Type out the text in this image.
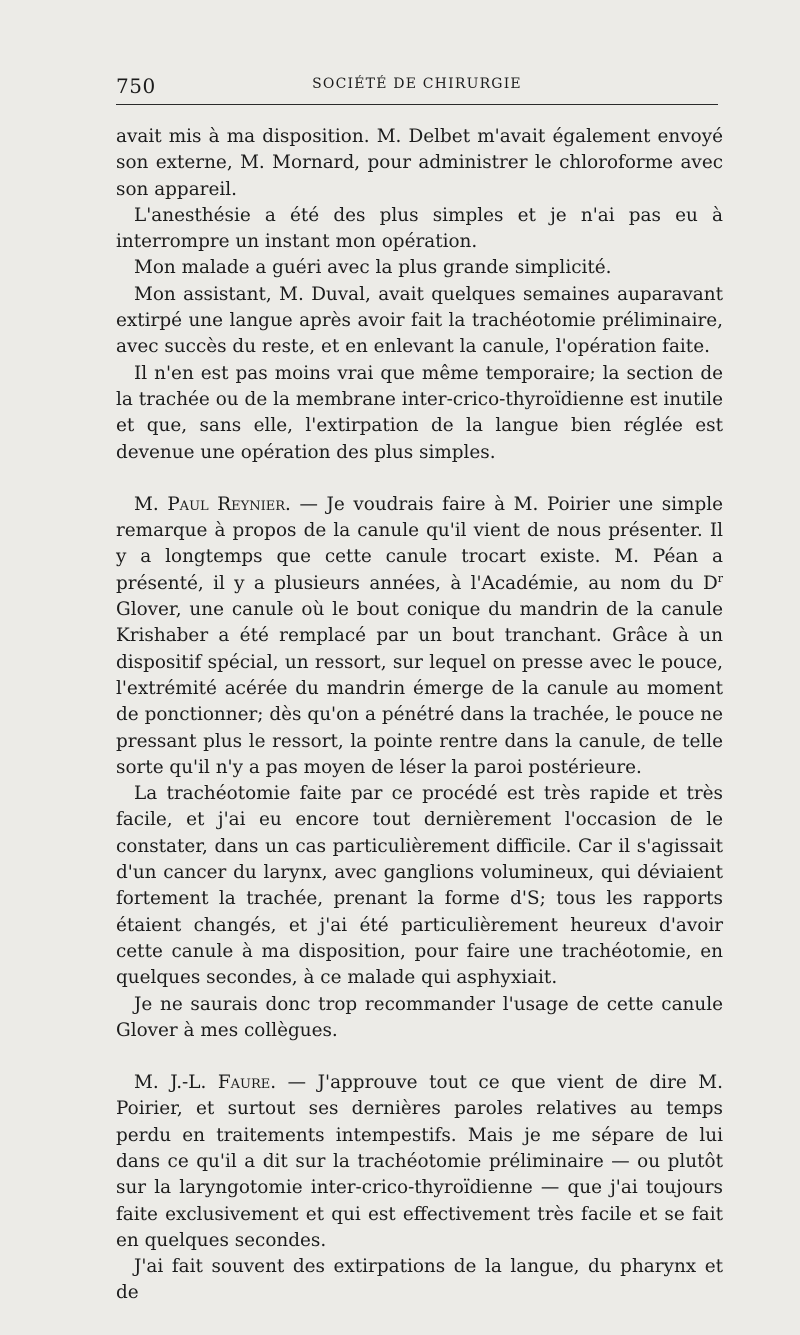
750	SOCIÉTÉ DE CHIRURGIE

avait mis à ma disposition. M. Delbet m'avait également envoyé son externe, M. Mornard, pour administrer le chloroforme avec son appareil.

L'anesthésie a été des plus simples et je n'ai pas eu à interrompre un instant mon opération.

Mon malade a guéri avec la plus grande simplicité.

Mon assistant, M. Duval, avait quelques semaines auparavant extirpé une langue après avoir fait la trachéotomie préliminaire, avec succès du reste, et en enlevant la canule, l'opération faite.

Il n'en est pas moins vrai que même temporaire; la section de la trachée ou de la membrane inter-crico-thyroïdienne est inutile et que, sans elle, l'extirpation de la langue bien réglée est devenue une opération des plus simples.

M. Paul Reynier. — Je voudrais faire à M. Poirier une simple remarque à propos de la canule qu'il vient de nous présenter. Il y a longtemps que cette canule trocart existe. M. Péan a présenté, il y a plusieurs années, à l'Académie, au nom du $D^r$ Glover, une canule où le bout conique du mandrin de la canule Krishaber a été remplacé par un bout tranchant. Grâce à un dispositif spécial, un ressort, sur lequel on presse avec le pouce, l'extrémité acérée du mandrin émerge de la canule au moment de ponctionner; dès qu'on a pénétré dans la trachée, le pouce ne pressant plus le ressort, la pointe rentre dans la canule, de telle sorte qu'il n'y a pas moyen de léser la paroi postérieure.

La trachéotomie faite par ce procédé est très rapide et très facile, et j'ai eu encore tout dernièrement l'occasion de le constater, dans un cas particulièrement difficile. Car il s'agissait d'un cancer du larynx, avec ganglions volumineux, qui déviaient fortement la trachée, prenant la forme d'S; tous les rapports étaient changés, et j'ai été particulièrement heureux d'avoir cette canule à ma disposition, pour faire une trachéotomie, en quelques secondes, à ce malade qui asphyxiait.

Je ne saurais donc trop recommander l'usage de cette canule Glover à mes collègues.

M. J.-L. Faure. — J'approuve tout ce que vient de dire M. Poirier, et surtout ses dernières paroles relatives au temps perdu en traitements intempestifs. Mais je me sépare de lui dans ce qu'il a dit sur la trachéotomie préliminaire — ou plutôt sur la laryngotomie inter-crico-thyroïdienne — que j'ai toujours faite exclusivement et qui est effectivement très facile et se fait en quelques secondes.

J'ai fait souvent des extirpations de la langue, du pharynx et de
